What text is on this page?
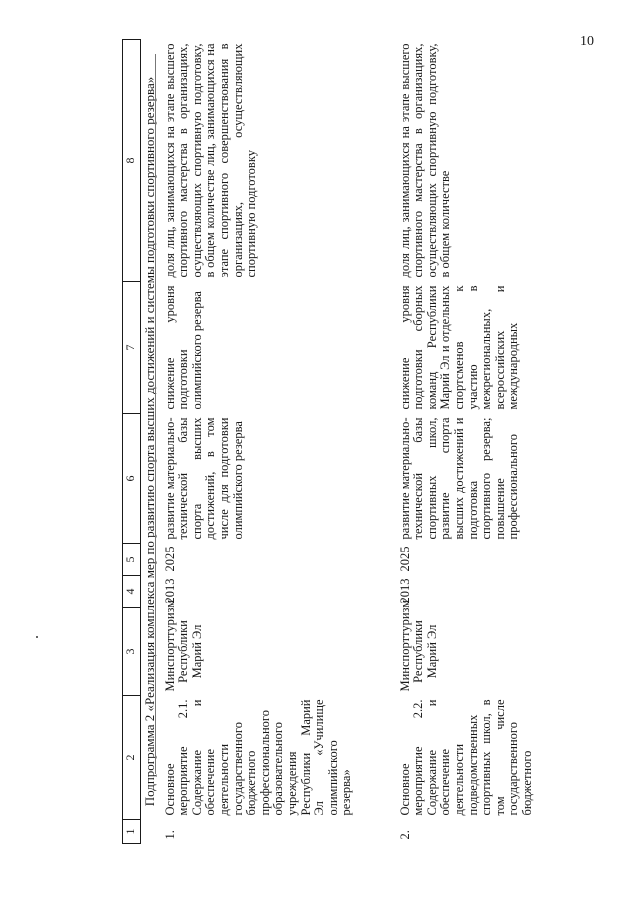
10
1	2	3	4	5	6	7	8
Подпрограмма 2 «Реализация комплекса мер по развитию спорта высших достижений и системы подготовки спортивного резерва»							
1.	Основное мероприятие 2.1. Содержание и обеспечение деятельности государственного бюджетного профессионального образовательного учреждения Республики Марий Эл «Училище олимпийского резерва»	Минспорттуризм Республики Марий Эл	2013	2025	развитие материально-технической базы спорта высших достижений, в том числе для подготовки олимпийского резерва	снижение уровня подготовки олимпийского резерва	доля лиц, занимающихся на этапе высшего спортивного мастерства в организациях, осуществляющих спортивную подготовку, в общем количестве лиц, занимающихся на этапе спортивного совершенствования в организациях, осуществляющих спортивную подготовку
2.	Основное мероприятие 2.2. Содержание и обеспечение деятельности подведомственных спортивных школ, в том числе государственного бюджетного	Минспорттуризм Республики Марий Эл	2013	2025	развитие материально-технической базы спортивных школ, развитие спорта высших достижений и подготовка спортивного резерва; повышение профессионального	снижение уровня подготовки сборных команд Республики Марий Эл и отдельных спортсменов к участию в межрегиональных, всероссийских и международных	доля лиц, занимающихся на этапе высшего спортивного мастерства в организациях, осуществляющих спортивную подготовку, в общем количестве
